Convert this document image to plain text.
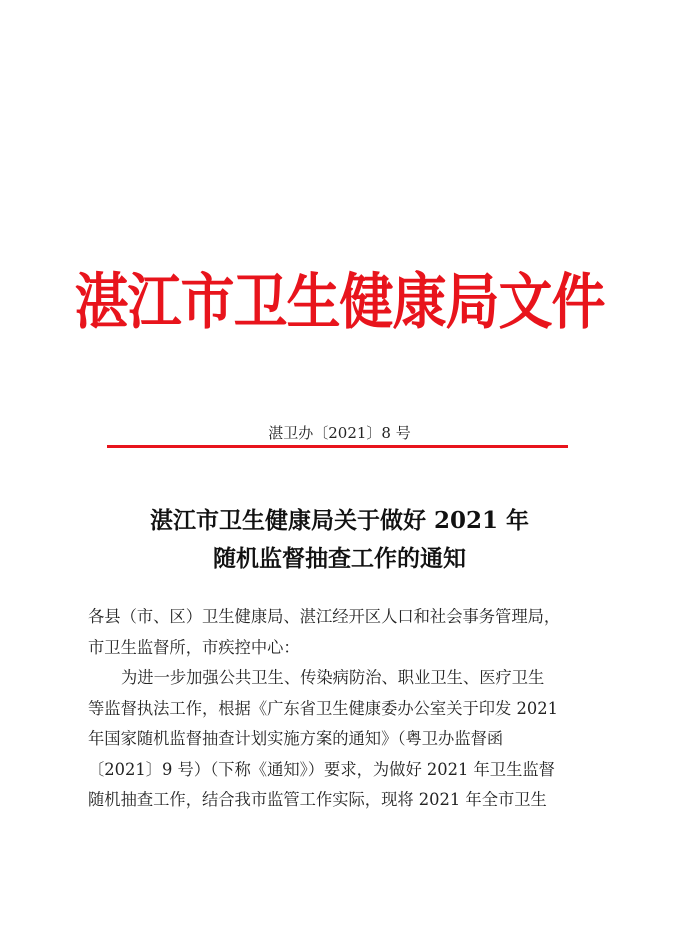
湛江市卫生健康局文件
湛卫办〔2021〕8 号
湛江市卫生健康局关于做好 2021 年
随机监督抽查工作的通知

各县（市、区）卫生健康局、湛江经开区人口和社会事务管理局，

市卫生监督所，市疾控中心：

为进一步加强公共卫生、传染病防治、职业卫生、医疗卫生

等监督执法工作，根据《广东省卫生健康委办公室关于印发 2021

年国家随机监督抽查计划实施方案的通知》（粤卫办监督函

〔2021〕9 号）（下称《通知》）要求，为做好 2021 年卫生监督

随机抽查工作，结合我市监管工作实际，现将 2021 年全市卫生
